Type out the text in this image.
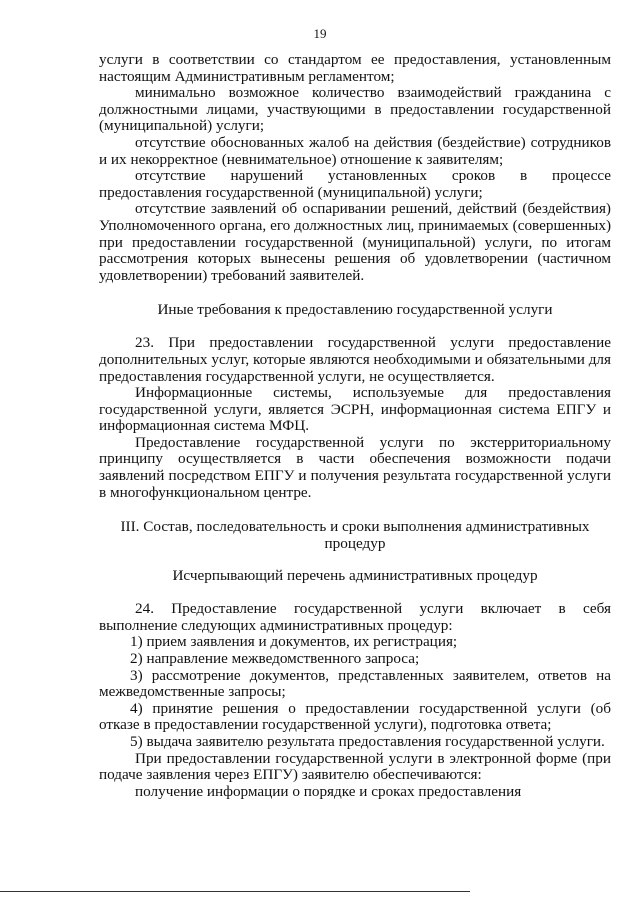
19

услуги в соответствии со стандартом ее предоставления, установленным настоящим Административным регламентом;

минимально возможное количество взаимодействий гражданина с должностными лицами, участвующими в предоставлении государственной (муниципальной) услуги;

отсутствие обоснованных жалоб на действия (бездействие) сотрудников и их некорректное (невнимательное) отношение к заявителям;

отсутствие нарушений установленных сроков в процессе предоставления государственной (муниципальной) услуги;

отсутствие заявлений об оспаривании решений, действий (бездействия) Уполномоченного органа, его должностных лиц, принимаемых (совершенных) при предоставлении государственной (муниципальной) услуги, по итогам рассмотрения которых вынесены решения об удовлетворении (частичном удовлетворении) требований заявителей.

Иные требования к предоставлению государственной услуги

23. При предоставлении государственной услуги предоставление дополнительных услуг, которые являются необходимыми и обязательными для предоставления государственной услуги, не осуществляется.

Информационные системы, используемые для предоставления государственной услуги, является ЭСРН, информационная система ЕПГУ и информационная система МФЦ.

Предоставление государственной услуги по экстерриториальному принципу осуществляется в части обеспечения возможности подачи заявлений посредством ЕПГУ и получения результата государственной услуги в многофункциональном центре.

III. Состав, последовательность и сроки выполнения административных процедур
Исчерпывающий перечень административных процедур

24. Предоставление государственной услуги включает в себя выполнение следующих административных процедур:

1) прием заявления и документов, их регистрация;

2) направление межведомственного запроса;

3) рассмотрение документов, представленных заявителем, ответов на межведомственные запросы;

4) принятие решения о предоставлении государственной услуги (об отказе в предоставлении государственной услуги), подготовка ответа;

5) выдача заявителю результата предоставления государственной услуги.

При предоставлении государственной услуги в электронной форме (при подаче заявления через ЕПГУ) заявителю обеспечиваются:

получение информации о порядке и сроках предоставления
